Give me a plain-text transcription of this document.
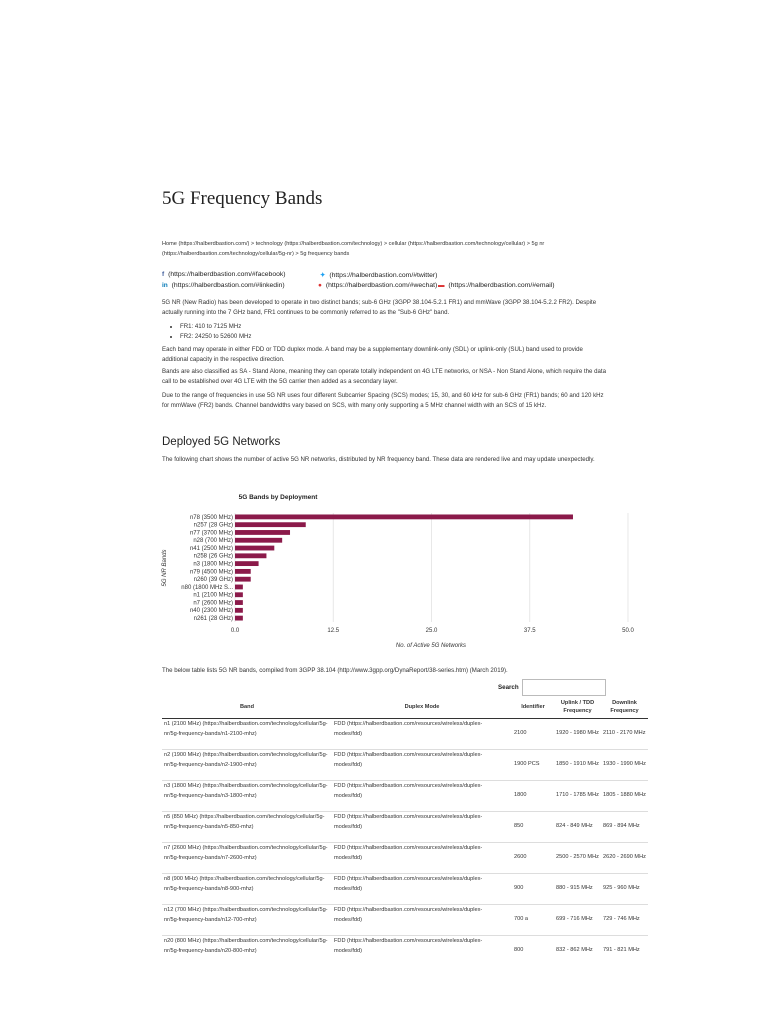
5G Frequency Bands
Home (https://halberdbastion.com/) > technology (https://halberdbastion.com/technology) > cellular (https://halberdbastion.com/technology/cellular) > 5g nr (https://halberdbastion.com/technology/cellular/5g-nr) > 5g frequency bands
f (https://halberdbastion.com/#facebook)	✦ (https://halberdbastion.com/#twitter)
in (https://halberdbastion.com/#linkedin)	● (https://halberdbastion.com/#wechat) ▬ (https://halberdbastion.com/#email)

5G NR (New Radio) has been developed to operate in two distinct bands; sub-6 GHz (3GPP 38.104-5.2.1 FR1) and mmWave (3GPP 38.104-5.2.2 FR2). Despite actually running into the 7 GHz band, FR1 continues to be commonly referred to as the "Sub-6 GHz" band.

• FR1: 410 to 7125 MHz
• FR2: 24250 to 52600 MHz

Each band may operate in either FDD or TDD duplex mode. A band may be a supplementary downlink-only (SDL) or uplink-only (SUL) band used to provide additional capacity in the respective direction.

Bands are also classified as SA - Stand Alone, meaning they can operate totally independent on 4G LTE networks, or NSA - Non Stand Alone, which require the data call to be established over 4G LTE with the 5G carrier then added as a secondary layer.

Due to the range of frequencies in use 5G NR uses four different Subcarrier Spacing (SCS) modes; 15, 30, and 60 kHz for sub-6 GHz (FR1) bands; 60 and 120 kHz for mmWave (FR2) bands. Channel bandwidths vary based on SCS, with many only supporting a 5 MHz channel width with an SCS of 15 kHz.

Deployed 5G Networks

The following chart shows the number of active 5G NR networks, distributed by NR frequency band. These data are rendered live and may update unexpectedly.

5G Bands by Deployment
No. of Active 5G Networks
5G NR Bands
n78 (3500 MHz)
n257 (28 GHz)
n77 (3700 MHz)
n28 (700 MHz)
n41 (2500 MHz)
n258 (26 GHz)
n3 (1800 MHz)
n79 (4500 MHz)
n260 (39 GHz)
n80 (1800 MHz S...
n1 (2100 MHz)
n7 (2600 MHz)
n40 (2300 MHz)
n261 (28 GHz)
0.0	12.5	25.0	37.5	50.0

The below table lists 5G NR bands, compiled from 3GPP 38.104 (http://www.3gpp.org/DynaReport/38-series.htm) (March 2019).

Search
Band	Duplex Mode	Identifier	Uplink / TDD Frequency	Downlink Frequency
n1 (2100 MHz) (https://halberdbastion.com/technology/cellular/5g-nr/5g-frequency-bands/n1-2100-mhz)	FDD (https://halberdbastion.com/resources/wireless/duplex-modes/fdd)	2100	1920 - 1980 MHz	2110 - 2170 MHz
n2 (1900 MHz) (https://halberdbastion.com/technology/cellular/5g-nr/5g-frequency-bands/n2-1900-mhz)	FDD (https://halberdbastion.com/resources/wireless/duplex-modes/fdd)	1900 PCS	1850 - 1910 MHz	1930 - 1990 MHz
n3 (1800 MHz) (https://halberdbastion.com/technology/cellular/5g-nr/5g-frequency-bands/n3-1800-mhz)	FDD (https://halberdbastion.com/resources/wireless/duplex-modes/fdd)	1800	1710 - 1785 MHz	1805 - 1880 MHz
n5 (850 MHz) (https://halberdbastion.com/technology/cellular/5g-nr/5g-frequency-bands/n5-850-mhz)	FDD (https://halberdbastion.com/resources/wireless/duplex-modes/fdd)	850	824 - 849 MHz	869 - 894 MHz
n7 (2600 MHz) (https://halberdbastion.com/technology/cellular/5g-nr/5g-frequency-bands/n7-2600-mhz)	FDD (https://halberdbastion.com/resources/wireless/duplex-modes/fdd)	2600	2500 - 2570 MHz	2620 - 2690 MHz
n8 (900 MHz) (https://halberdbastion.com/technology/cellular/5g-nr/5g-frequency-bands/n8-900-mhz)	FDD (https://halberdbastion.com/resources/wireless/duplex-modes/fdd)	900	880 - 915 MHz	925 - 960 MHz
n12 (700 MHz) (https://halberdbastion.com/technology/cellular/5g-nr/5g-frequency-bands/n12-700-mhz)	FDD (https://halberdbastion.com/resources/wireless/duplex-modes/fdd)	700 a	699 - 716 MHz	729 - 746 MHz
n20 (800 MHz) (https://halberdbastion.com/technology/cellular/5g-nr/5g-frequency-bands/n20-800-mhz)	FDD (https://halberdbastion.com/resources/wireless/duplex-modes/fdd)	800	832 - 862 MHz	791 - 821 MHz
